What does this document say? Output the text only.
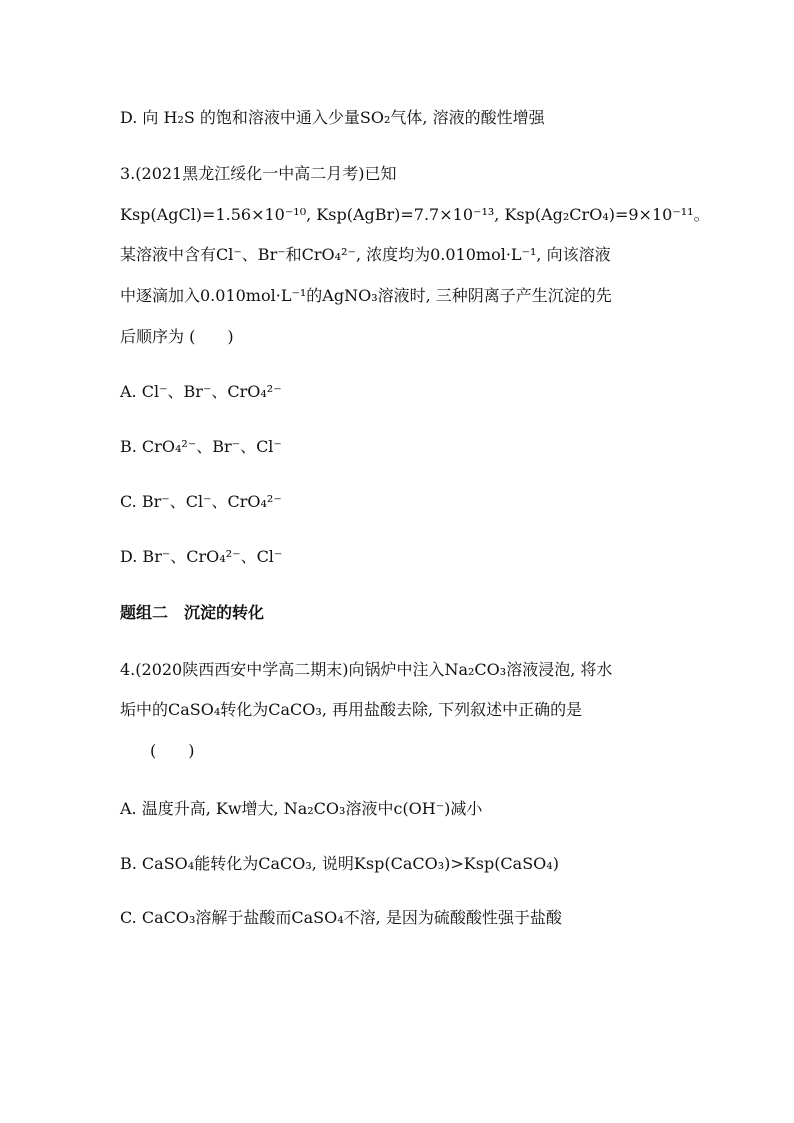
D. 向 H₂S 的饱和溶液中通入少量SO₂气体, 溶液的酸性增强
3.(2021黑龙江绥化一中高二月考)已知
Ksp(AgCl)=1.56×10⁻¹⁰, Ksp(AgBr)=7.7×10⁻¹³, Ksp(Ag₂CrO₄)=9×10⁻¹¹。
某溶液中含有Cl⁻、Br⁻和CrO₄²⁻, 浓度均为0.010mol·L⁻¹, 向该溶液
中逐滴加入0.010mol·L⁻¹的AgNO₃溶液时, 三种阴离子产生沉淀的先
后顺序为 (　　)
A. Cl⁻、Br⁻、CrO₄²⁻
B. CrO₄²⁻、Br⁻、Cl⁻
C. Br⁻、Cl⁻、CrO₄²⁻
D. Br⁻、CrO₄²⁻、Cl⁻
题组二　沉淀的转化
4.(2020陕西西安中学高二期末)向锅炉中注入Na₂CO₃溶液浸泡, 将水
垢中的CaSO₄转化为CaCO₃, 再用盐酸去除, 下列叙述中正确的是
(　　)
A. 温度升高, Kw增大, Na₂CO₃溶液中c(OH⁻)减小
B. CaSO₄能转化为CaCO₃, 说明Ksp(CaCO₃)>Ksp(CaSO₄)
C. CaCO₃溶解于盐酸而CaSO₄不溶, 是因为硫酸酸性强于盐酸
